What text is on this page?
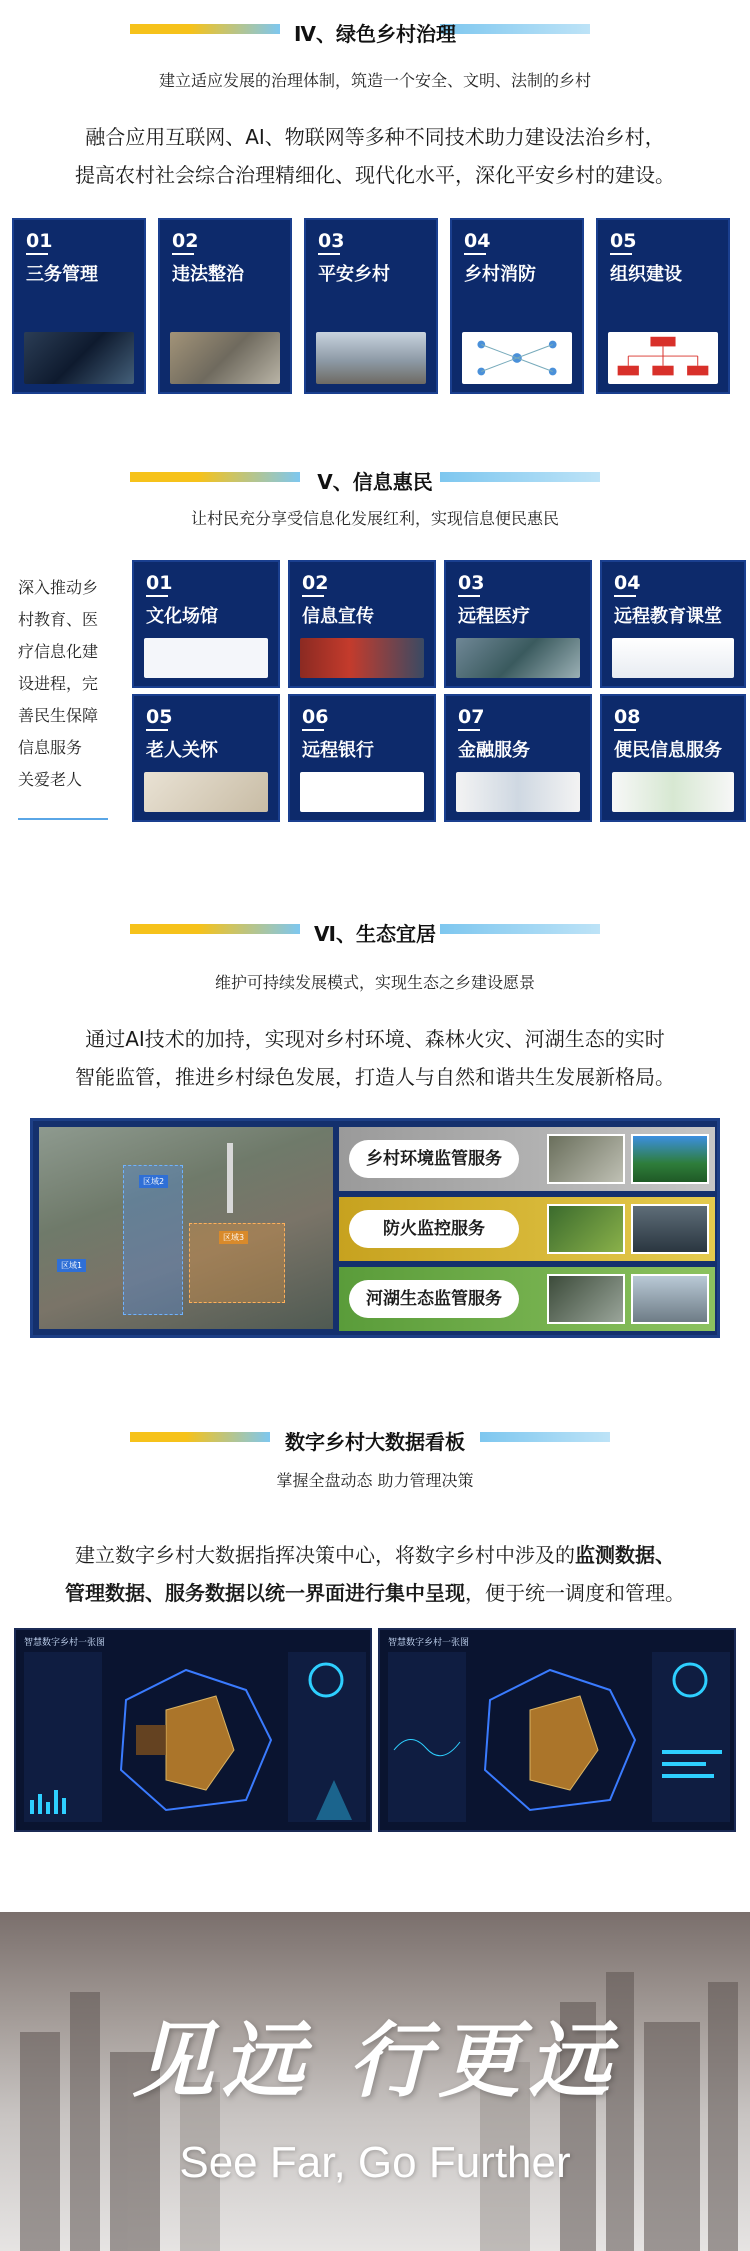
Ⅳ、绿色乡村治理
建立适应发展的治理体制，筑造一个安全、文明、法制的乡村
融合应用互联网、AI、物联网等多种不同技术助力建设法治乡村，
提高农村社会综合治理精细化、现代化水平，深化平安乡村的建设。
01
三务管理
02
违法整治
03
平安乡村
04
乡村消防
05
组织建设
Ⅴ、信息惠民
让村民充分享受信息化发展红利，实现信息便民惠民
深入推动乡
村教育、医
疗信息化建
设进程，完
善民生保障
信息服务
关爱老人
01
文化场馆
02
信息宣传
03
远程医疗
04
远程教育课堂
05
老人关怀
06
远程银行
07
金融服务
08
便民信息服务
Ⅵ、生态宜居
维护可持续发展模式，实现生态之乡建设愿景
通过AI技术的加持，实现对乡村环境、森林火灾、河湖生态的实时
智能监管，推进乡村绿色发展，打造人与自然和谐共生发展新格局。
区域2
区域3
区域1
乡村环境监管服务
防火监控服务
河湖生态监管服务
数字乡村大数据看板
掌握全盘动态 助力管理决策
建立数字乡村大数据指挥决策中心，将数字乡村中涉及的监测数据、
管理数据、服务数据以统一界面进行集中呈现，便于统一调度和管理。
智慧数字乡村一张图	智慧数字乡村一张图
见远 行更远
See Far, Go Further
